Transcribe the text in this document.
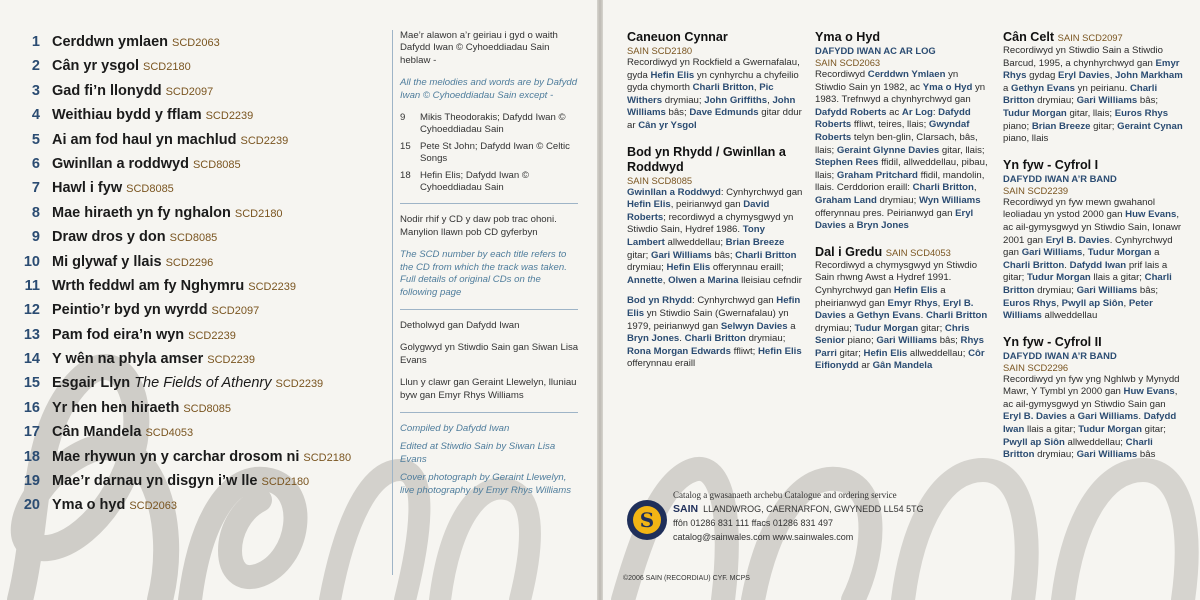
1 Cerddwn ymlaen SCD2063
2 Cân yr ysgol SCD2180
3 Gad fi’n llonydd SCD2097
4 Weithiau bydd y fflam SCD2239
5 Ai am fod haul yn machlud SCD2239
6 Gwinllan a roddwyd SCD8085
7 Hawl i fyw SCD8085
8 Mae hiraeth yn fy nghalon SCD2180
9 Draw dros y don SCD8085
10 Mi glywaf y llais SCD2296
11 Wrth feddwl am fy Nghymru SCD2239
12 Peintio’r byd yn wyrdd SCD2097
13 Pam fod eira’n wyn SCD2239
14 Y wên na phyla amser SCD2239
15 Esgair Llyn The Fields of Athenry SCD2239
16 Yr hen hen hiraeth SCD8085
17 Cân Mandela SCD4053
18 Mae rhywun yn y carchar drosom ni SCD2180
19 Mae’r darnau yn disgyn i’w lle SCD2180
20 Yma o hyd SCD2063

Mae’r alawon a’r geiriau i gyd o waith Dafydd Iwan © Cyhoeddiadau Sain heblaw -

All the melodies and words are by Dafydd Iwan © Cyhoeddiadau Sain except -

9	Mikis Theodorakis; Dafydd Iwan © Cyhoeddiadau Sain
15 Pete St John; Dafydd Iwan © Celtic Songs
18 Hefin Elis; Dafydd Iwan © Cyhoeddiadau Sain

Nodir rhif y CD y daw pob trac ohoni. Manylion llawn pob CD gyferbyn

The SCD number by each title refers to the CD from which the track was taken. Full details of original CDs on the following page

Detholwyd gan Dafydd Iwan

Golygwyd yn Stiwdio Sain gan Siwan Lisa Evans

Llun y clawr gan Geraint Llewelyn, lluniau byw gan Emyr Rhys Williams

Compiled by Dafydd Iwan

Edited at Stiwdio Sain by Siwan Lisa Evans

Cover photograph by Geraint Llewelyn, live photography by Emyr Rhys Williams

Caneuon Cynnar

SAIN SCD2180

Recordiwyd yn Rockfield a Gwernafalau, gyda Hefin Elis yn cynhyrchu a chyfeilio gyda chymorth Charli Britton, Pic Withers drymiau; John Griffiths, John Williams bâs; Dave Edmunds gitar ddur ar Cân yr Ysgol

Bod yn Rhydd / Gwinllan a Roddwyd

SAIN SCD8085

Gwinllan a Roddwyd: Cynhyrchwyd gan Hefin Elis, peirianwyd gan David Roberts; recordiwyd a chymysgwyd yn Stiwdio Sain, Hydref 1986. Tony Lambert allweddellau; Brian Breeze gitar; Gari Williams bâs; Charli Britton drymiau; Hefin Elis offerynnau eraill; Annette, Olwen a Marina lleisiau cefndir

Bod yn Rhydd: Cynhyrchwyd gan Hefin Elis yn Stiwdio Sain (Gwernafalau) yn 1979, peirianwyd gan Selwyn Davies a Bryn Jones. Charli Britton drymiau; Rona Morgan Edwards ffliwt; Hefin Elis offerynnau eraill

Yma o Hyd

DAFYDD IWAN AC AR LOG
SAIN SCD2063

Recordiwyd Cerddwn Ymlaen yn Stiwdio Sain yn 1982, ac Yma o Hyd yn 1983. Trefnwyd a chynhyrchwyd gan Dafydd Roberts ac Ar Log: Dafydd Roberts ffliwt, teires, llais; Gwyndaf Roberts telyn ben-glin, Clarsach, bâs, llais; Geraint Glynne Davies gitar, llais; Stephen Rees ffidil, allweddellau, pibau, llais; Graham Pritchard ffidil, mandolin, llais. Cerddorion eraill: Charli Britton, Graham Land drymiau; Wyn Williams offerynnau pres. Peirianwyd gan Eryl Davies a Bryn Jones

Dal i Gredu SAIN SCD4053

Recordiwyd a chymysgwyd yn Stiwdio Sain rhwng Awst a Hydref 1991. Cynhyrchwyd gan Hefin Elis a pheirianwyd gan Emyr Rhys, Eryl B. Davies a Gethyn Evans. Charli Britton drymiau; Tudur Morgan gitar; Chris Senior piano; Gari Williams bâs; Rhys Parri gitar; Hefin Elis allweddellau; Côr Eifionydd ar Gân Mandela

Cân Celt SAIN SCD2097

Recordiwyd yn Stiwdio Sain a Stiwdio Barcud, 1995, a chynhyrchwyd gan Emyr Rhys gydag Eryl Davies, John Markham a Gethyn Evans yn peirianu. Charli Britton drymiau; Gari Williams bâs; Tudur Morgan gitar, llais; Euros Rhys piano; Brian Breeze gitar; Geraint Cynan piano, llais

Yn fyw - Cyfrol I

DAFYDD IWAN A’R BAND
SAIN SCD2239

Recordiwyd yn fyw mewn gwahanol leoliadau yn ystod 2000 gan Huw Evans, ac ail-gymysgwyd yn Stiwdio Sain, Ionawr 2001 gan Eryl B. Davies. Cynhyrchwyd gan Gari Williams, Tudur Morgan a Charli Britton. Dafydd Iwan prif lais a gitar; Tudur Morgan llais a gitar; Charli Britton drymiau; Gari Williams bâs; Euros Rhys, Pwyll ap Siôn, Peter Williams allweddellau

Yn fyw - Cyfrol II

DAFYDD IWAN A’R BAND
SAIN SCD2296

Recordiwyd yn fyw yng Nghlwb y Mynydd Mawr, Y Tymbl yn 2000 gan Huw Evans, ac ail-gymysgwyd yn Stiwdio Sain gan Eryl B. Davies a Gari Williams. Dafydd Iwan llais a gitar; Tudur Morgan gitar; Pwyll ap Siôn allweddellau; Charli Britton drymiau; Gari Williams bâs

S
Catalog a gwasanaeth archebu Catalogue and ordering service
SAIN LLANDWROG, CAERNARFON, GWYNEDD LL54 5TG
ffôn 01286 831 111 ffacs 01286 831 497
catalog@sainwales.com www.sainwales.com
©2006 SAIN (RECORDIAU) CYF. MCPS
